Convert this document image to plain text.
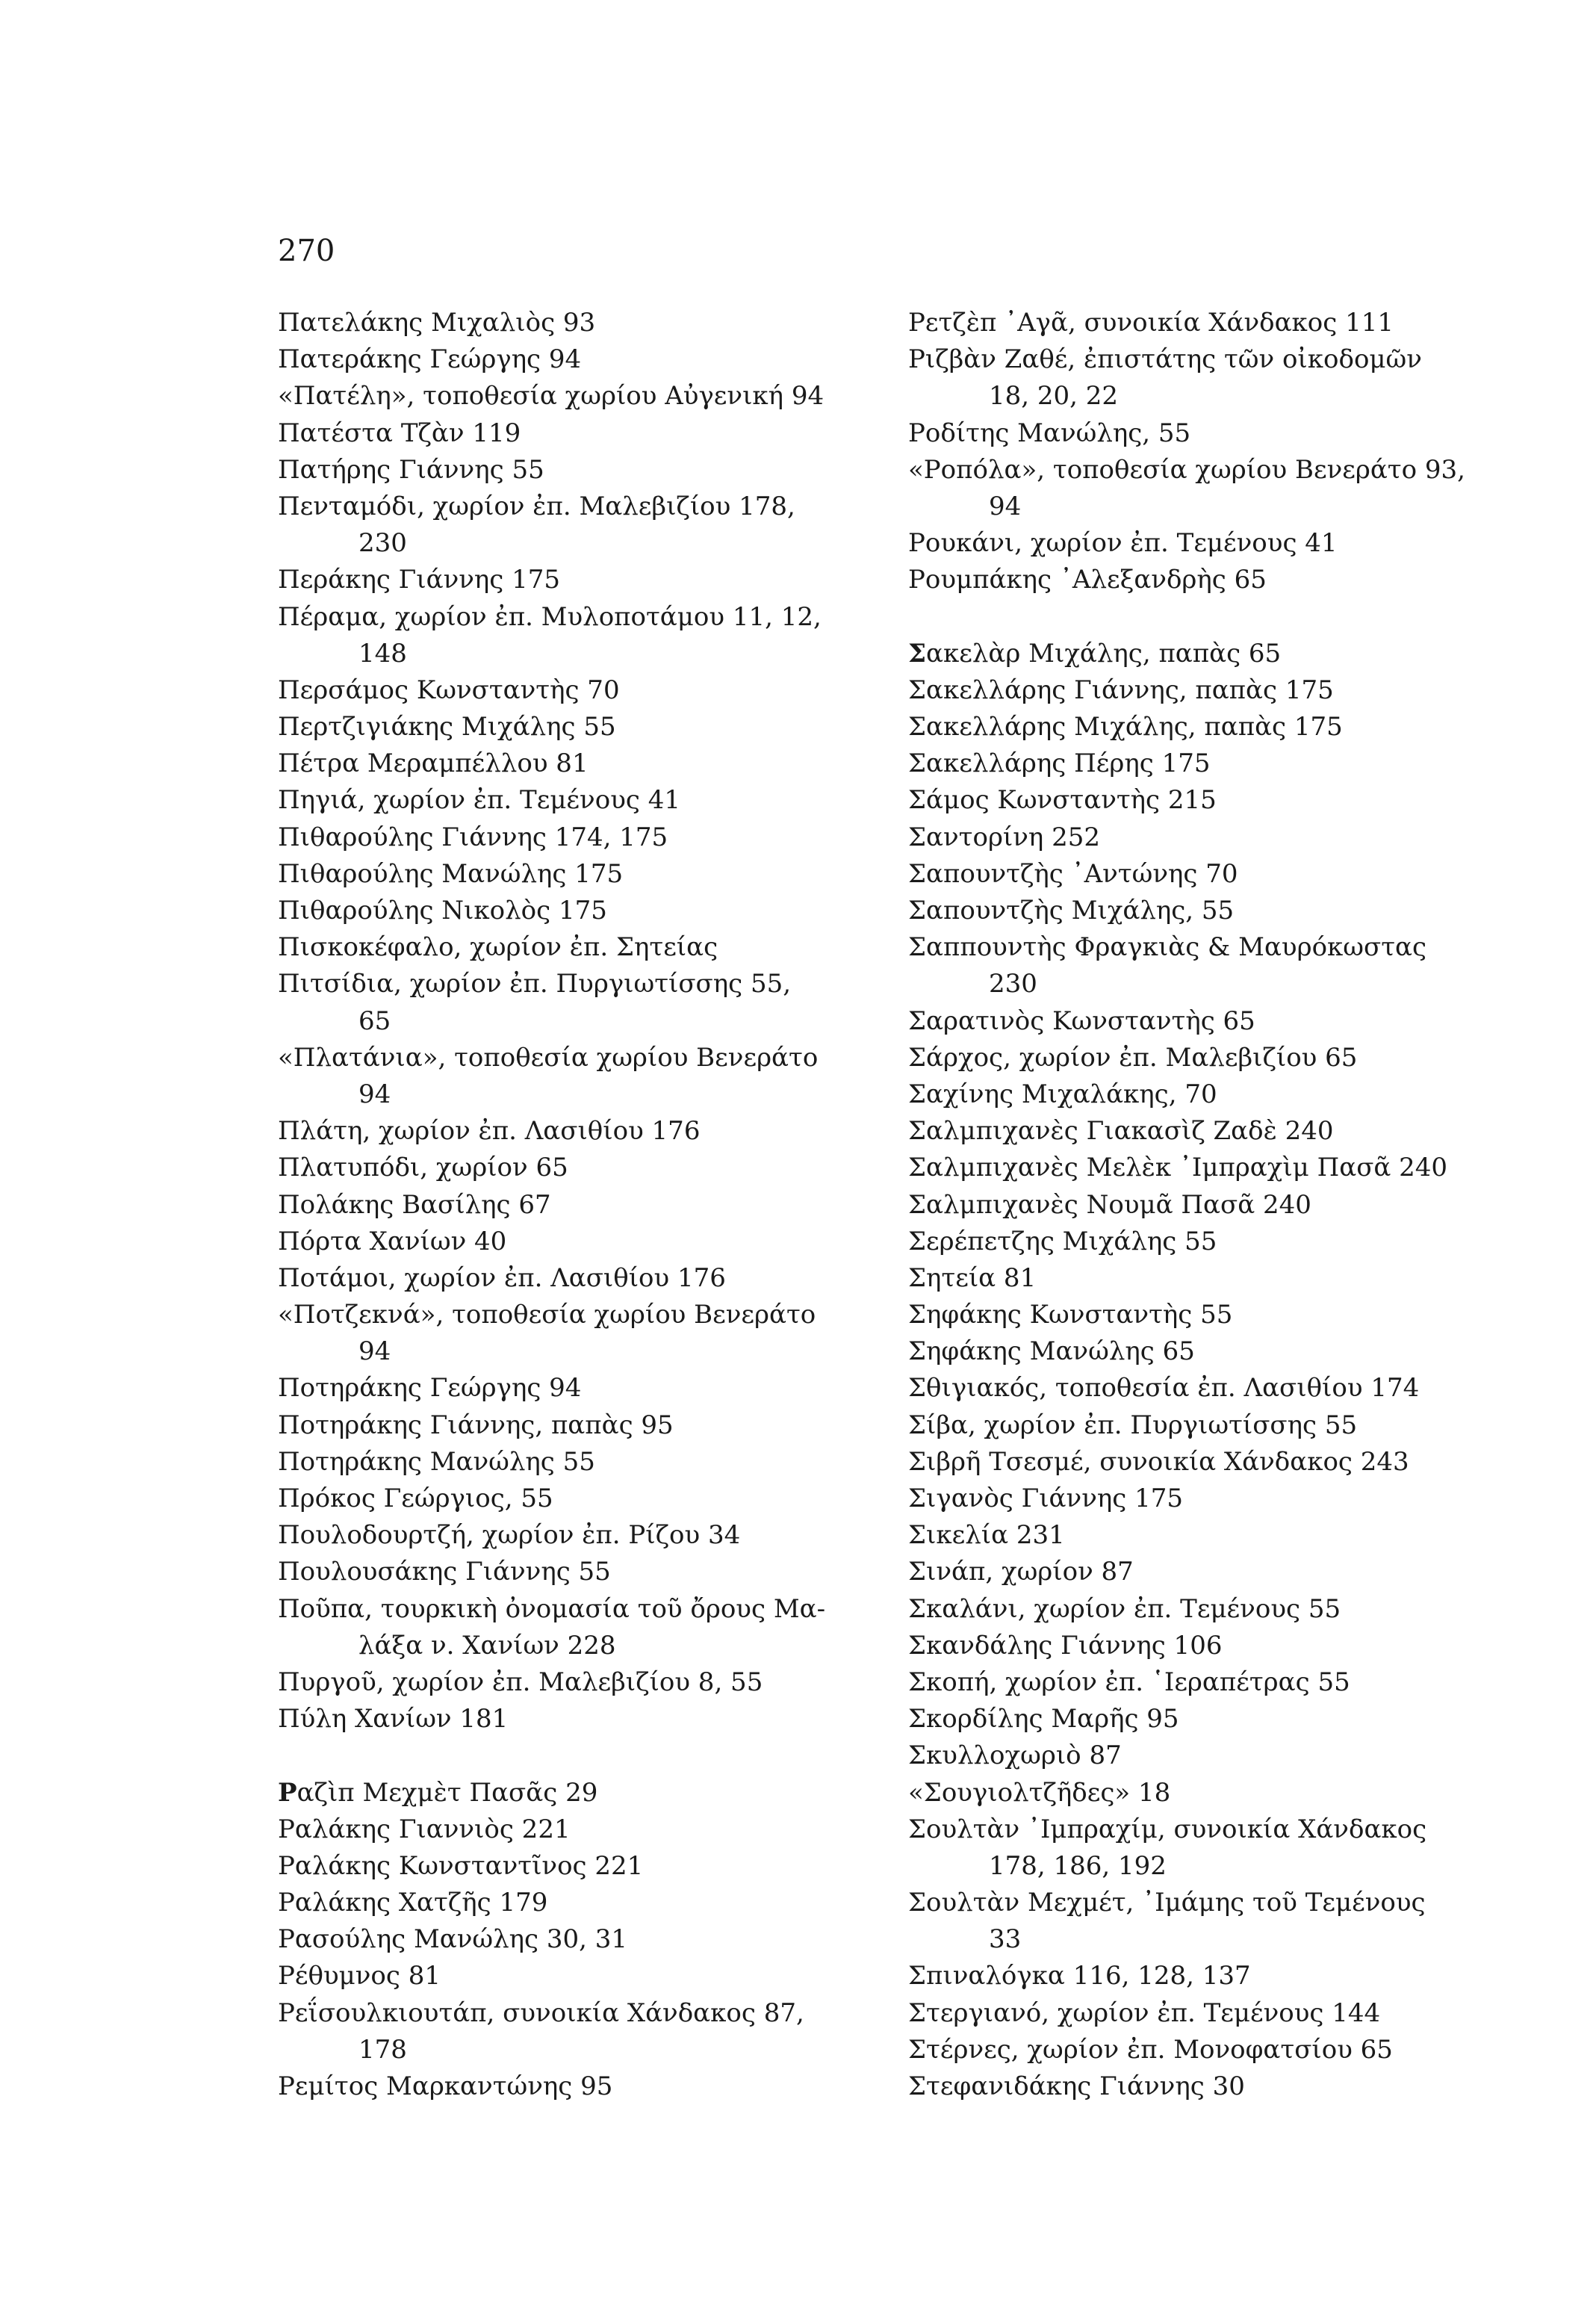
270
Πατελάκης Μιχαλιὸς 93
Πατεράκης Γεώργης 94
«Πατέλη», τοποθεσία χωρίου Αὐγενική 94
Πατέστα Τζὰν 119
Πατήρης Γιάννης 55
Πενταμόδι, χωρίον ἐπ. Μαλεβιζίου 178,
230
Περάκης Γιάννης 175
Πέραμα, χωρίον ἐπ. Μυλοποτάμου 11, 12,
148
Περσάμος Κωνσταντὴς 70
Περτζιγιάκης Μιχάλης 55
Πέτρα Μεραμπέλλου 81
Πηγιά, χωρίον ἐπ. Τεμένους 41
Πιθαρούλης Γιάννης 174, 175
Πιθαρούλης Μανώλης 175
Πιθαρούλης Νικολὸς 175
Πισκοκέφαλο, χωρίον ἐπ. Σητείας
Πιτσίδια, χωρίον ἐπ. Πυργιωτίσσης 55,
65
«Πλατάνια», τοποθεσία χωρίου Βενεράτο
94
Πλάτη, χωρίον ἐπ. Λασιθίου 176
Πλατυπόδι, χωρίον 65
Πολάκης Βασίλης 67
Πόρτα Χανίων 40
Ποτάμοι, χωρίον ἐπ. Λασιθίου 176
«Ποτζεκνά», τοποθεσία χωρίου Βενεράτο
94
Ποτηράκης Γεώργης 94
Ποτηράκης Γιάννης, παπὰς 95
Ποτηράκης Μανώλης 55
Πρόκος Γεώργιος, 55
Πουλοδουρτζή, χωρίον ἐπ. Ρίζου 34
Πουλουσάκης Γιάννης 55
Ποῦπα, τουρκικὴ ὀνομασία τοῦ ὄρους Μα-
λάξα ν. Χανίων 228
Πυργοῦ, χωρίον ἐπ. Μαλεβιζίου 8, 55
Πύλη Χανίων 181
Ραζὶπ Μεχμὲτ Πασᾶς 29
Ραλάκης Γιαννιὸς 221
Ραλάκης Κωνσταντῖνος 221
Ραλάκης Χατζῆς 179
Ρασούλης Μανώλης 30, 31
Ρέθυμνος 81
Ρεΐσουλκιουτάπ, συνοικία Χάνδακος 87,
178
Ρεμίτος Μαρκαντώνης 95
Ρετζὲπ ᾿Αγᾶ, συνοικία Χάνδακος 111
Ριζβὰν Ζαθέ, ἐπιστάτης τῶν οἰκοδομῶν
18, 20, 22
Ροδίτης Μανώλης, 55
«Ροπόλα», τοποθεσία χωρίου Βενεράτο 93,
94
Ρουκάνι, χωρίον ἐπ. Τεμένους 41
Ρουμπάκης ᾿Αλεξανδρὴς 65
Σακελὰρ Μιχάλης, παπὰς 65
Σακελλάρης Γιάννης, παπὰς 175
Σακελλάρης Μιχάλης, παπὰς 175
Σακελλάρης Πέρης 175
Σάμος Κωνσταντὴς 215
Σαντορίνη 252
Σαπουντζὴς ᾿Αντώνης 70
Σαπουντζὴς Μιχάλης, 55
Σαππουντὴς Φραγκιὰς & Μαυρόκωστας
230
Σαρατινὸς Κωνσταντὴς 65
Σάρχος, χωρίον ἐπ. Μαλεβιζίου 65
Σαχίνης Μιχαλάκης, 70
Σαλμπιχανὲς Γιακασὶζ Ζαδὲ 240
Σαλμπιχανὲς Μελὲκ ᾿Ιμπραχὶμ Πασᾶ 240
Σαλμπιχανὲς Νουμᾶ Πασᾶ 240
Σερέπετζης Μιχάλης 55
Σητεία 81
Σηφάκης Κωνσταντὴς 55
Σηφάκης Μανώλης 65
Σθιγιακός, τοποθεσία ἐπ. Λασιθίου 174
Σίβα, χωρίον ἐπ. Πυργιωτίσσης 55
Σιβρῆ Τσεσμέ, συνοικία Χάνδακος 243
Σιγανὸς Γιάννης 175
Σικελία 231
Σινάπ, χωρίον 87
Σκαλάνι, χωρίον ἐπ. Τεμένους 55
Σκανδάλης Γιάννης 106
Σκοπή, χωρίον ἐπ. ῾Ιεραπέτρας 55
Σκορδίλης Μαρῆς 95
Σκυλλοχωριὸ 87
«Σουγιολτζῆδες» 18
Σουλτὰν ᾿Ιμπραχίμ, συνοικία Χάνδακος
178, 186, 192
Σουλτὰν Μεχμέτ, ᾿Ιμάμης τοῦ Τεμένους
33
Σπιναλόγκα 116, 128, 137
Στεργιανό, χωρίον ἐπ. Τεμένους 144
Στέρνες, χωρίον ἐπ. Μονοφατσίου 65
Στεφανιδάκης Γιάννης 30
